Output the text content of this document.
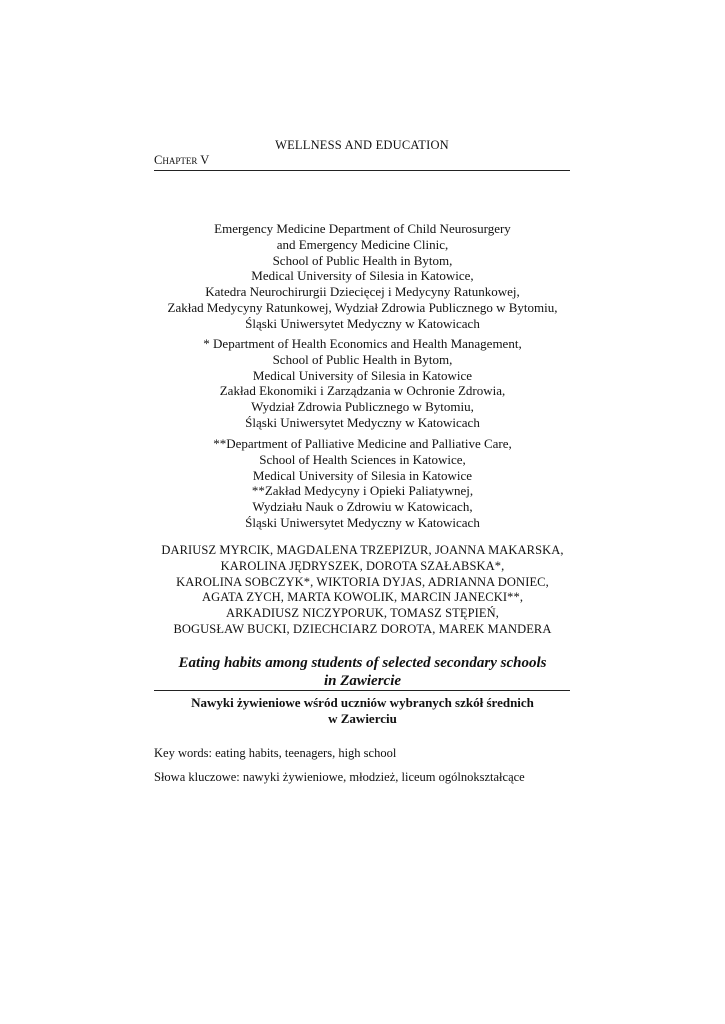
WELLNESS AND EDUCATION
Chapter V
Emergency Medicine Department of Child Neurosurgery
and Emergency Medicine Clinic,
School of Public Health in Bytom,
Medical University of Silesia in Katowice,
Katedra Neurochirurgii Dziecięcej i Medycyny Ratunkowej,
Zakład Medycyny Ratunkowej, Wydział Zdrowia Publicznego w Bytomiu,
Śląski Uniwersytet Medyczny w Katowicach
* Department of Health Economics and Health Management,
School of Public Health in Bytom,
Medical University of Silesia in Katowice
Zakład Ekonomiki i Zarządzania w Ochronie Zdrowia,
Wydział Zdrowia Publicznego w Bytomiu,
Śląski Uniwersytet Medyczny w Katowicach
**Department of Palliative Medicine and Palliative Care,
School of Health Sciences in Katowice,
Medical University of Silesia in Katowice
**Zakład Medycyny i Opieki Paliatywnej,
Wydziału Nauk o Zdrowiu w Katowicach,
Śląski Uniwersytet Medyczny w Katowicach
DARIUSZ MYRCIK, MAGDALENA TRZEPIZUR, JOANNA MAKARSKA,
KAROLINA JĘDRYSZEK, DOROTA SZAŁABSKA*,
KAROLINA SOBCZYK*, WIKTORIA DYJAS, ADRIANNA DONIEC,
AGATA ZYCH, MARTA KOWOLIK, MARCIN JANECKI**,
ARKADIUSZ NICZYPORUK, TOMASZ STĘPIEŃ,
BOGUSŁAW BUCKI, DZIECHCIARZ DOROTA, MAREK MANDERA
Eating habits among students of selected secondary schools
in Zawiercie
Nawyki żywieniowe wśród uczniów wybranych szkół średnich
w Zawierciu
Key words: eating habits, teenagers, high school
Słowa kluczowe: nawyki żywieniowe, młodzież, liceum ogólnokształcące
